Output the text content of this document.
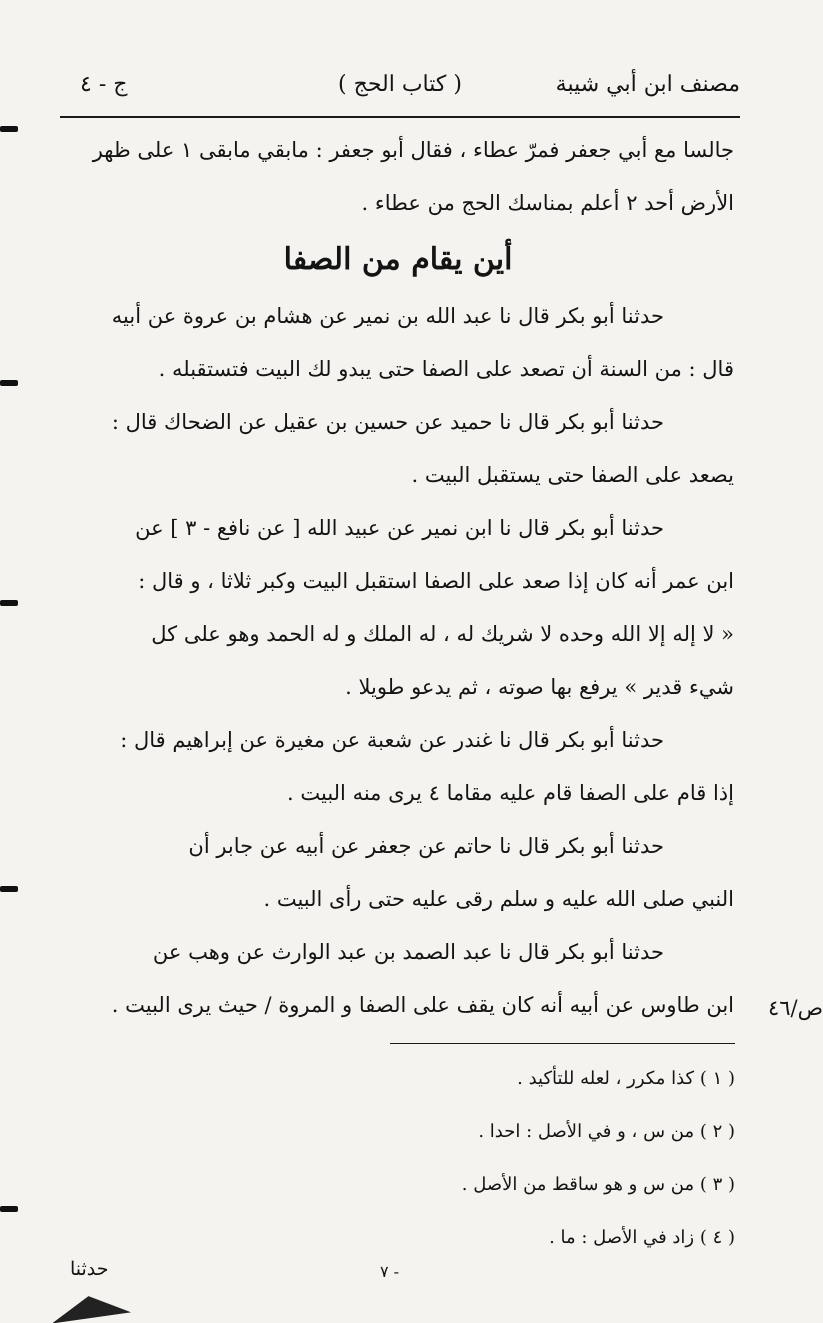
مصنف ابن أبي شيبة
( كتاب الحج )
ج - ٤

جالسا مع أبي جعفر فمرّ عطاء ، فقال أبو جعفر : مابقي مابقى ١ على ظهر

الأرض أحد ٢ أعلم بمناسك الحج من عطاء .

أين يقام من الصفا

حدثنا أبو بكر قال نا عبد الله بن نمير عن هشام بن عروة عن أبيه

قال : من السنة أن تصعد على الصفا حتى يبدو لك البيت فتستقبله .

حدثنا أبو بكر قال نا حميد عن حسين بن عقيل عن الضحاك قال :

يصعد على الصفا حتى يستقبل البيت .

حدثنا أبو بكر قال نا ابن نمير عن عبيد الله [ عن نافع - ٣ ] عن

ابن عمر أنه كان إذا صعد على الصفا استقبل البيت وكبر ثلاثا ، و قال :

« لا إله إلا الله وحده لا شريك له ، له الملك و له الحمد وهو على كل

شيء قدير » يرفع بها صوته ، ثم يدعو طويلا .

حدثنا أبو بكر قال نا غندر عن شعبة عن مغيرة عن إبراهيم قال :

إذا قام على الصفا قام عليه مقاما ٤ يرى منه البيت .

حدثنا أبو بكر قال نا حاتم عن جعفر عن أبيه عن جابر أن

النبي صلى الله عليه و سلم رقى عليه حتى رأى البيت .

حدثنا أبو بكر قال نا عبد الصمد بن عبد الوارث عن وهب عن

ابن طاوس عن أبيه أنه كان يقف على الصفا و المروة / حيث يرى البيت .	ص/٤٦
( ١ ) كذا مكرر ، لعله للتأكيد .
( ٢ ) من س ، و في الأصل : احدا .
( ٣ ) من س و هو ساقط من الأصل .
( ٤ ) زاد في الأصل : ما .
- ٧
حدثنا
